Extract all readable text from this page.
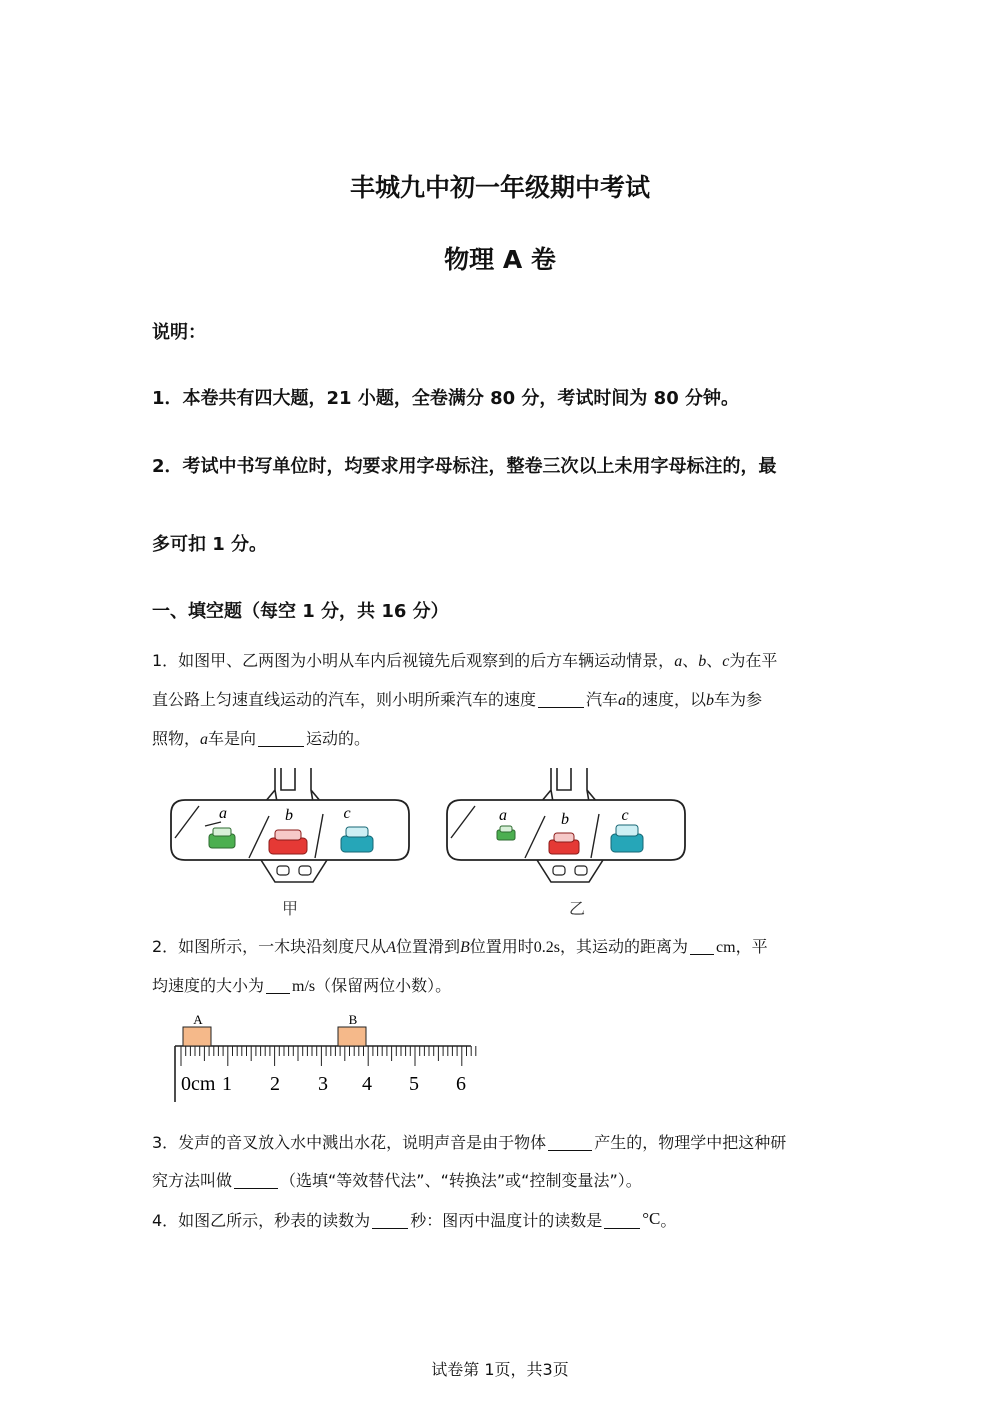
丰城九中初一年级期中考试
物理 A 卷
说明：
1．本卷共有四大题，21 小题，全卷满分 80 分，考试时间为 80 分钟。
2．考试中书写单位时，均要求用字母标注，整卷三次以上未用字母标注的，最
多可扣 1 分。
一、填空题（每空 1 分，共 16 分）
1．如图甲、乙两图为小明从车内后视镜先后观察到的后方车辆运动情景，a、b、c为在平
直公路上匀速直线运动的汽车，则小明所乘汽车的速度	汽车a的速度，以b车为参
照物，a车是向	运动的。
a	b	c	a	b	c
甲	乙
2．如图所示，一木块沿刻度尺从A位置滑到B位置用时0.2s，其运动的距离为 cm，平
均速度的大小为 m/s（保留两位小数）。
A	B
0cm 1 2 3 4 5 6
3．发声的音叉放入水中溅出水花，说明声音是由于物体	产生的，物理学中把这种研
究方法叫做	（选填“等效替代法”、“转换法”或“控制变量法”）。
4．如图乙所示，秒表的读数为	秒：图丙中温度计的读数是 °C。
试卷第 1页，共3页
